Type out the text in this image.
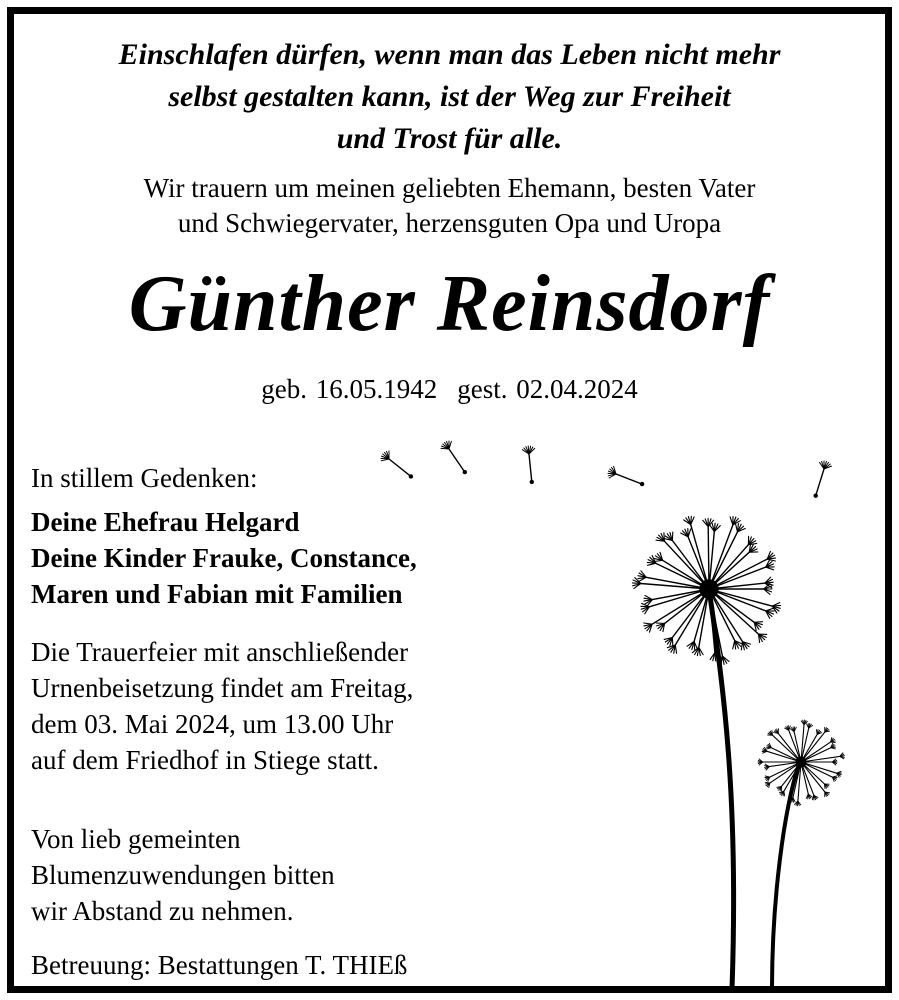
Einschlafen dürfen, wenn man das Leben nicht mehr
selbst gestalten kann, ist der Weg zur Freiheit
und Trost für alle.
Wir trauern um meinen geliebten Ehemann, besten Vater
und Schwiegervater, herzensguten Opa und Uropa
Günther Reinsdorf
geb. 16.05.1942 gest. 02.04.2024
In stillem Gedenken:
Deine Ehefrau Helgard
Deine Kinder Frauke, Constance,
Maren und Fabian mit Familien
Die Trauerfeier mit anschließender
Urnenbeisetzung findet am Freitag,
dem 03. Mai 2024, um 13.00 Uhr
auf dem Friedhof in Stiege statt.
Von lieb gemeinten
Blumenzuwendungen bitten
wir Abstand zu nehmen.
Betreuung: Bestattungen T. THIEß
